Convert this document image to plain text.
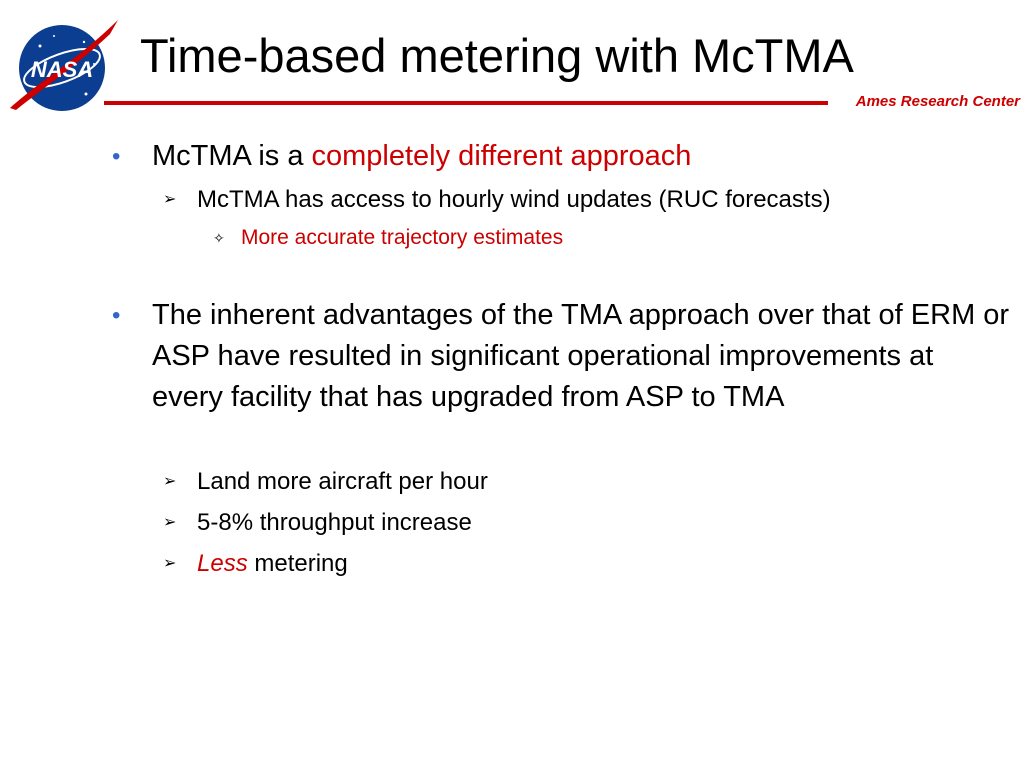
NASA Time-based metering with McTMA
Ames Research Center
• McTMA is a completely different approach
➢ McTMA has access to hourly wind updates (RUC forecasts)
✧ More accurate trajectory estimates
• The inherent advantages of the TMA approach over that of ERM or ASP have resulted in significant operational improvements at every facility that has upgraded from ASP to TMA
➢ Land more aircraft per hour
➢ 5-8% throughput increase
➢ Less metering
